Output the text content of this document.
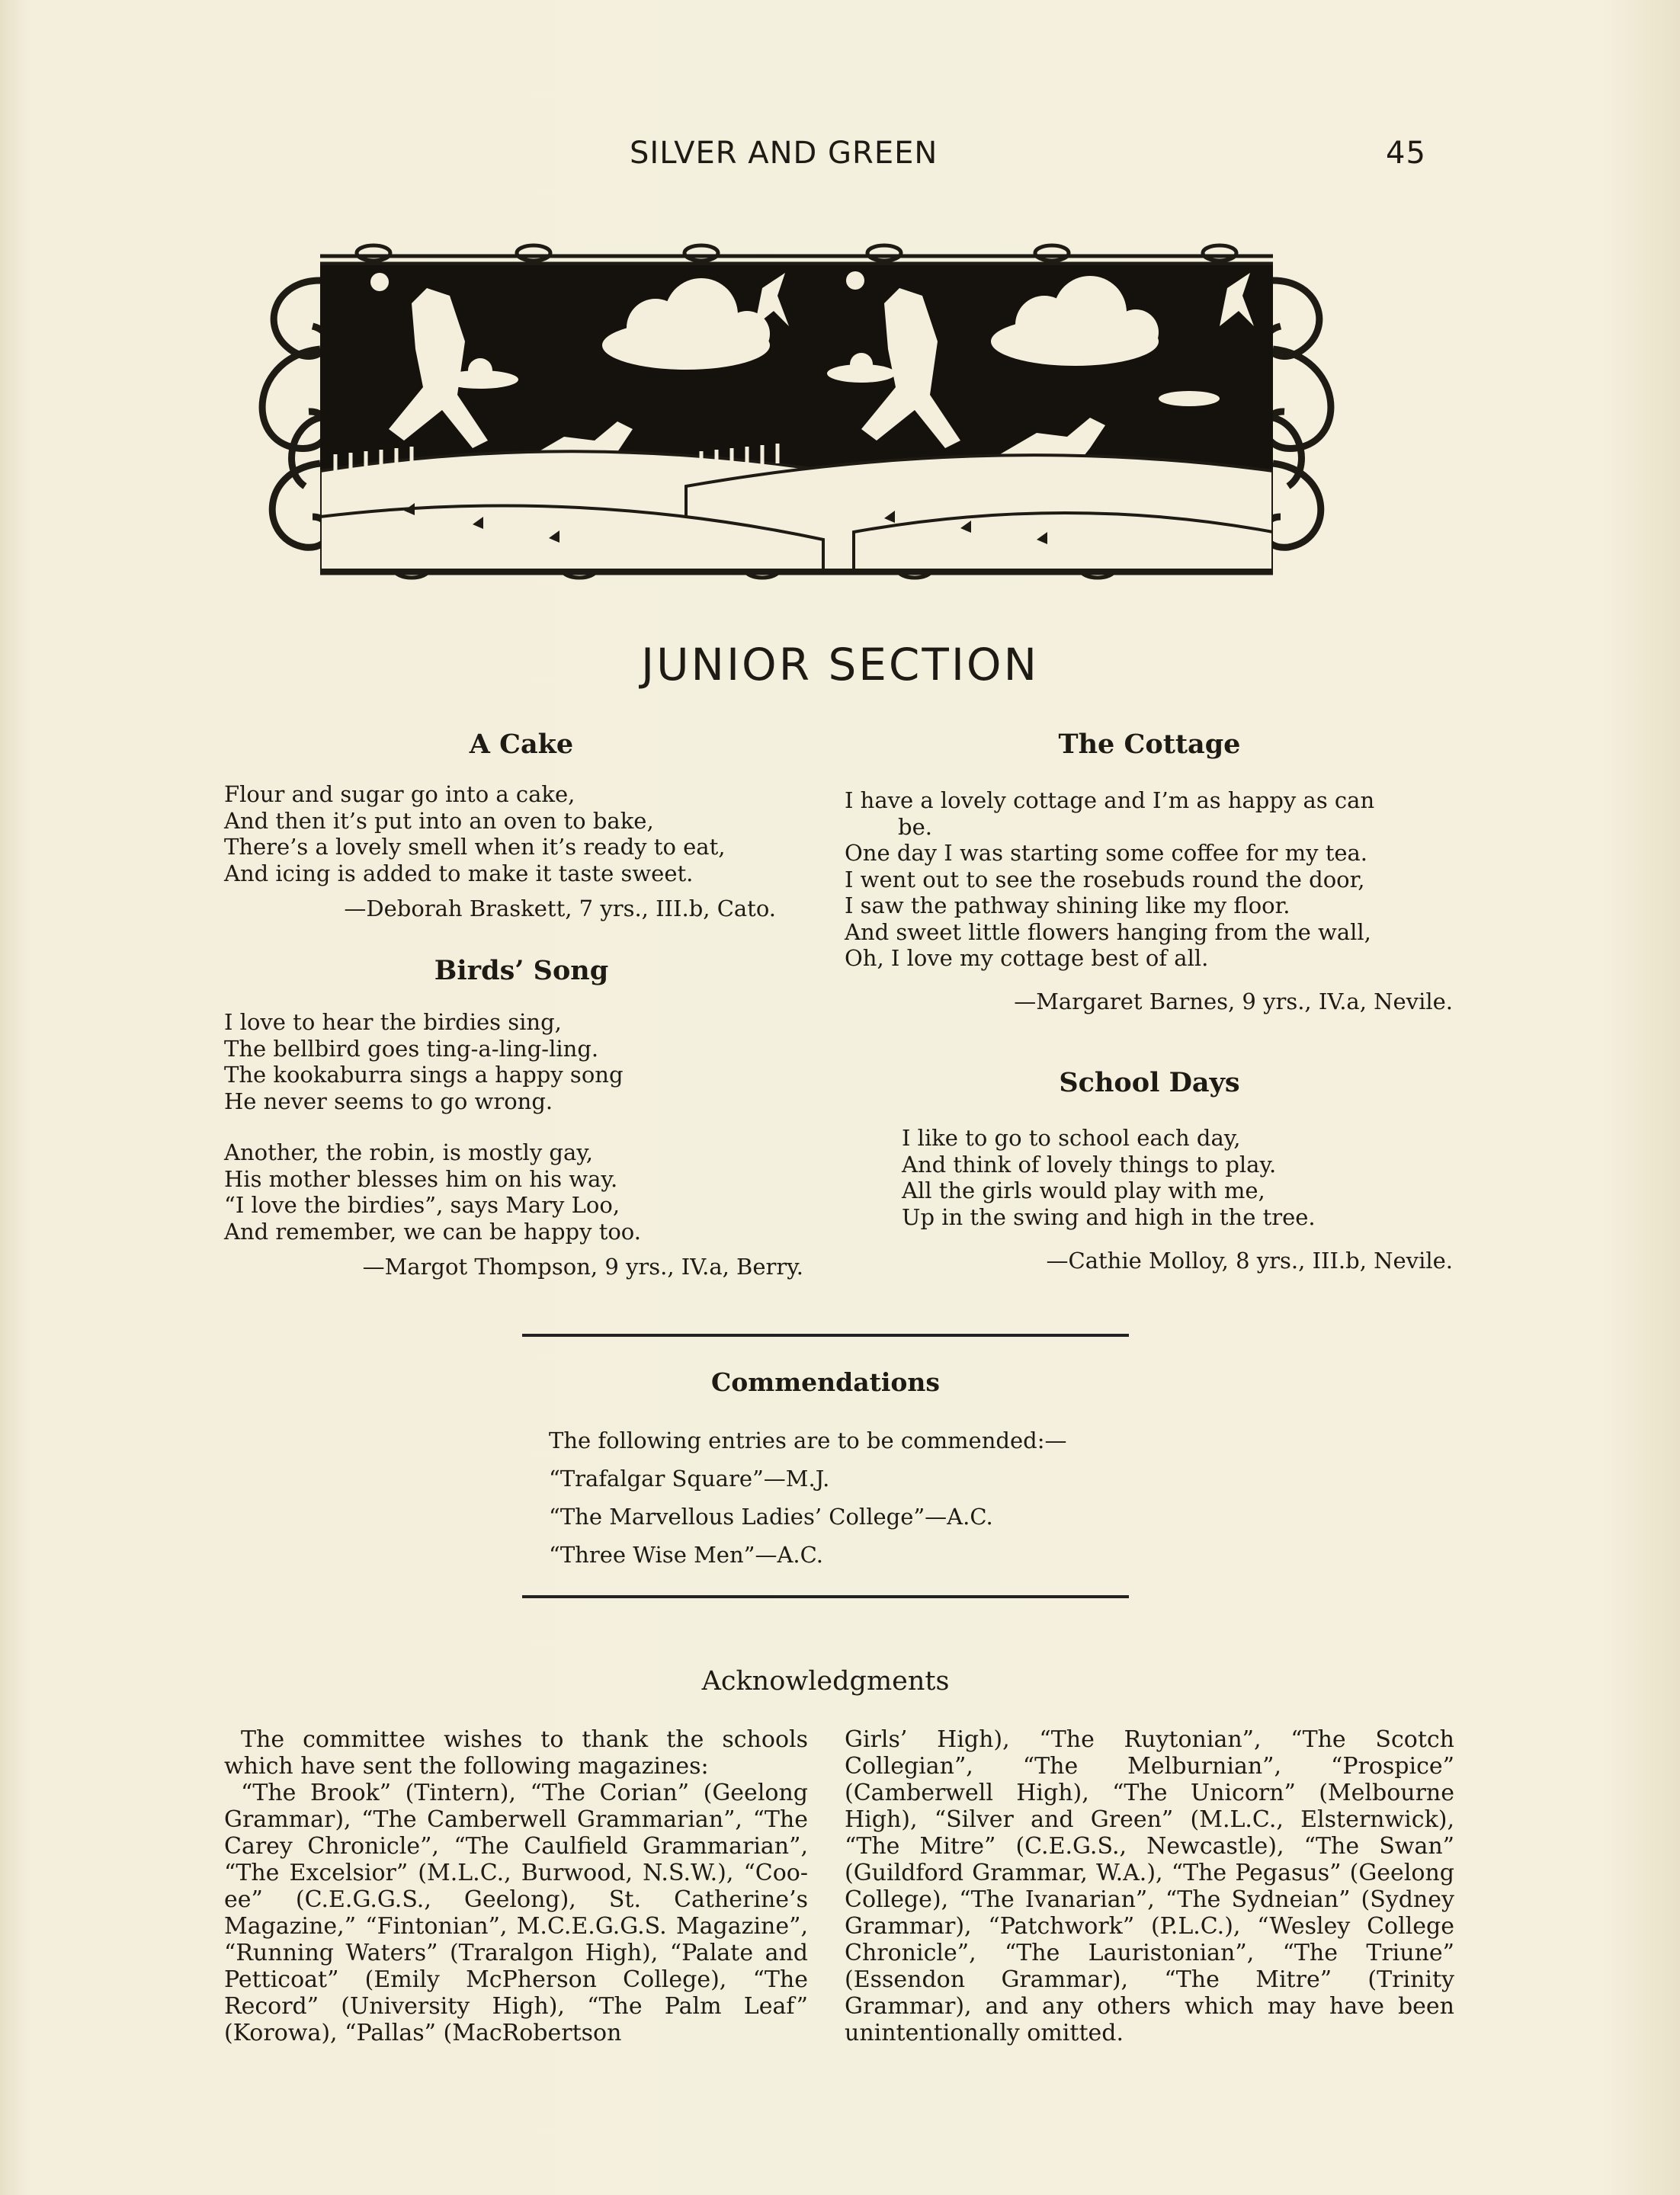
SILVER AND GREEN	45
JUNIOR SECTION
A Cake
Flour and sugar go into a cake,
And then it’s put into an oven to bake,
There’s a lovely smell when it’s ready to eat,
And icing is added to make it taste sweet.
—Deborah Braskett, 7 yrs., III.b, Cato.
Birds’ Song
I love to hear the birdies sing,
The bellbird goes ting-a-ling-ling.
The kookaburra sings a happy song
He never seems to go wrong.
Another, the robin, is mostly gay,
His mother blesses him on his way.
“I love the birdies”, says Mary Loo,
And remember, we can be happy too.
—Margot Thompson, 9 yrs., IV.a, Berry.
The Cottage
I have a lovely cottage and I’m as happy as can
be.
One day I was starting some coffee for my tea.
I went out to see the rosebuds round the door,
I saw the pathway shining like my floor.
And sweet little flowers hanging from the wall,
Oh, I love my cottage best of all.
—Margaret Barnes, 9 yrs., IV.a, Nevile.
School Days
I like to go to school each day,
And think of lovely things to play.
All the girls would play with me,
Up in the swing and high in the tree.
—Cathie Molloy, 8 yrs., III.b, Nevile.
Commendations
The following entries are to be commended:—
“Trafalgar Square”—M.J.
“The Marvellous Ladies’ College”—A.C.
“Three Wise Men”—A.C.
Acknowledgments

The committee wishes to thank the schools which have sent the following magazines:

“The Brook” (Tintern), “The Corian” (Geelong Grammar), “The Camberwell Grammarian”, “The Carey Chronicle”, “The Caulfield Grammarian”, “The Excelsior” (M.L.C., Burwood, N.S.W.), “Coo-ee” (C.E.G.G.S., Geelong), St. Catherine’s Magazine,” “Fintonian”, M.C.E.G.G.S. Magazine”, “Running Waters” (Traralgon High), “Palate and Petticoat” (Emily McPherson College), “The Record” (University High), “The Palm Leaf” (Korowa), “Pallas” (MacRobertson

Girls’ High), “The Ruytonian”, “The Scotch Collegian”, “The Melburnian”, “Prospice” (Camberwell High), “The Unicorn” (Melbourne High), “Silver and Green” (M.L.C., Elsternwick), “The Mitre” (C.E.G.S., Newcastle), “The Swan” (Guildford Grammar, W.A.), “The Pegasus” (Geelong College), “The Ivanarian”, “The Sydneian” (Sydney Grammar), “Patchwork” (P.L.C.), “Wesley College Chronicle”, “The Lauristonian”, “The Triune” (Essendon Grammar), “The Mitre” (Trinity Grammar), and any others which may have been unintentionally omitted.
